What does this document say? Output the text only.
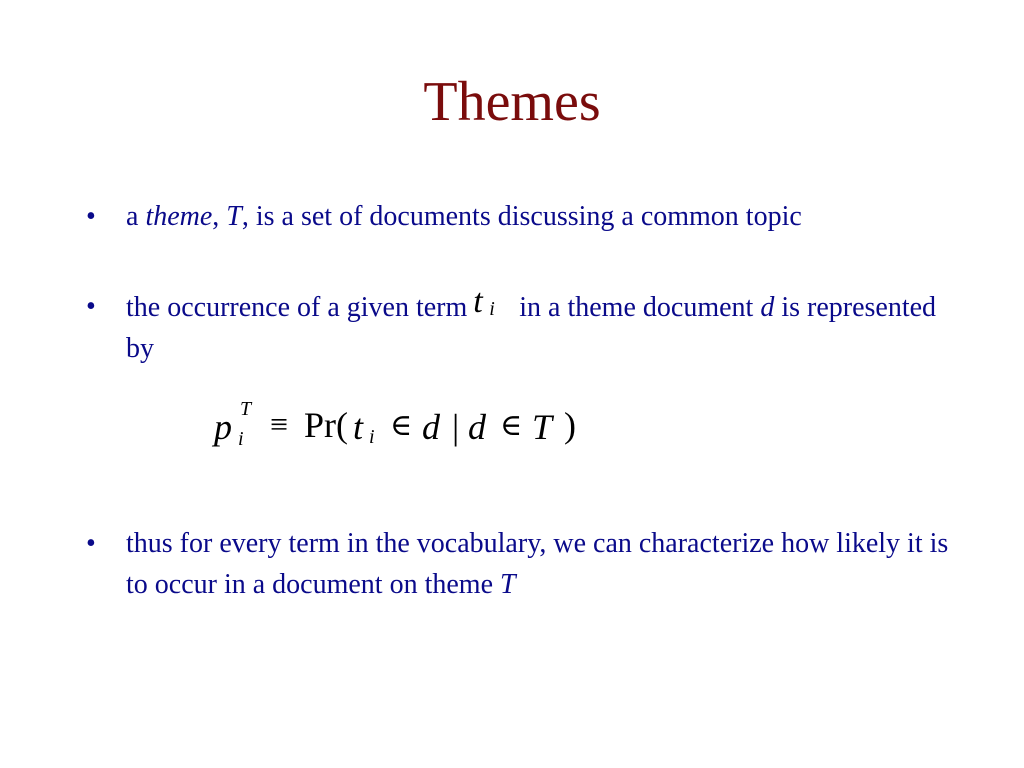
Themes
•	a theme, T, is a set of documents discussing a common topic
•	the occurrence of a given term t i in a theme document d is represented by
•	thus for every term in the vocabulary, we can characterize how likely it is to occur in a document on theme T
p T
i ≡ Pr( t i ∈ d | d ∈ T )
